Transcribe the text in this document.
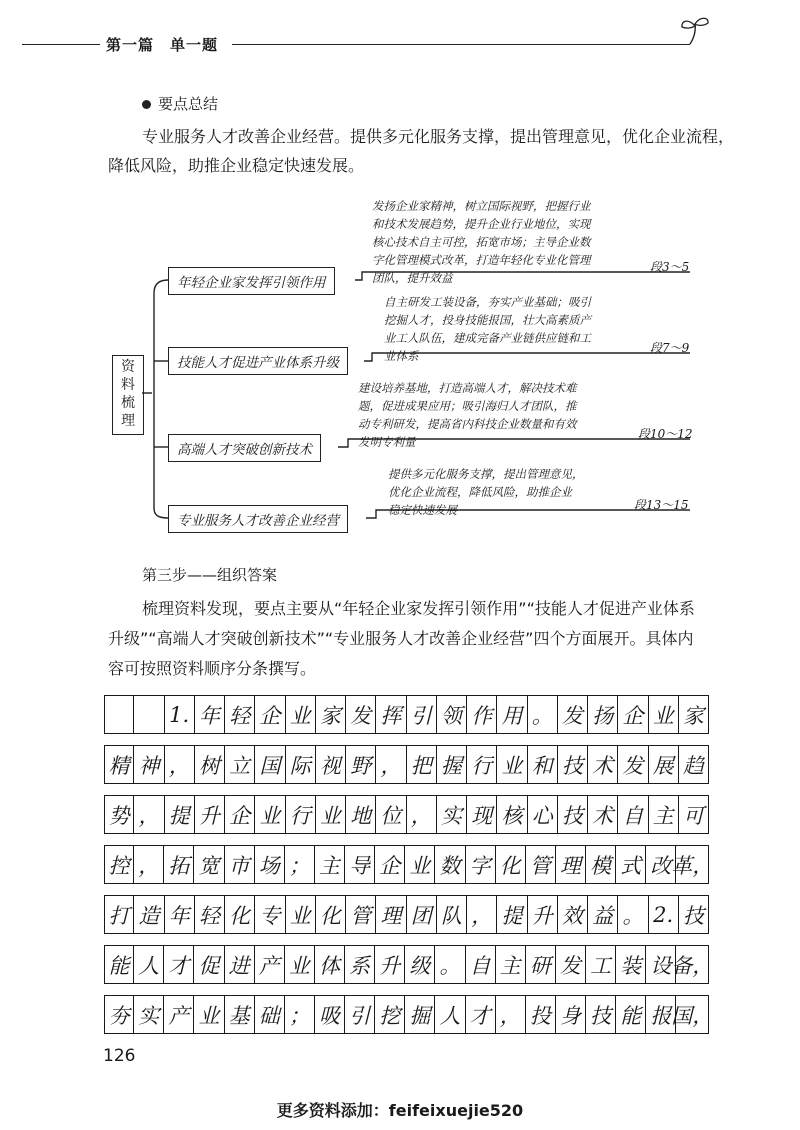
第一篇　单一题
要点总结
专业服务人才改善企业经营。提供多元化服务支撑，提出管理意见，优化企业流程，
降低风险，助推企业稳定快速发展。
资料梳理
发扬企业家精神，树立国际视野，把握行业
和技术发展趋势，提升企业行业地位，实现
核心技术自主可控，拓宽市场；主导企业数
字化管理模式改革，打造年轻化专业化管理
团队，提升效益
年轻企业家发挥引领作用
段3～5
自主研发工装设备，夯实产业基础；吸引
挖掘人才，投身技能报国，壮大高素质产
业工人队伍，建成完备产业链供应链和工
业体系
技能人才促进产业体系升级
段7～9
建设培养基地，打造高端人才，解决技术难
题，促进成果应用；吸引海归人才团队，推
动专利研发，提高省内科技企业数量和有效
发明专利量
高端人才突破创新技术
段10～12
提供多元化服务支撑，提出管理意见，
优化企业流程，降低风险，助推企业
稳定快速发展
专业服务人才改善企业经营
段13～15
第三步——组织答案
梳理资料发现，要点主要从“年轻企业家发挥引领作用”“技能人才促进产业体系
升级”“高端人才突破创新技术”“专业服务人才改善企业经营”四个方面展开。具体内
容可按照资料顺序分条撰写。
1. 年 轻 企 业 家 发 挥 引 领 作 用 。 发 扬 企 业 家
精 神 ， 树 立 国 际 视 野 ， 把 握 行 业 和 技 术 发 展 趋
势 ， 提 升 企 业 行 业 地 位 ， 实 现 核 心 技 术 自 主 可
控 ， 拓 宽 市 场 ； 主 导 企 业 数 字 化 管 理 模 式 改 革，
打 造 年 轻 化 专 业 化 管 理 团 队 ， 提 升 效 益 。 2. 技
能 人 才 促 进 产 业 体 系 升 级 。 自 主 研 发 工 装 设 备，
夯 实 产 业 基 础 ； 吸 引 挖 掘 人 才 ， 投 身 技 能 报 国，
126
更多资料添加：feifeixuejie520
